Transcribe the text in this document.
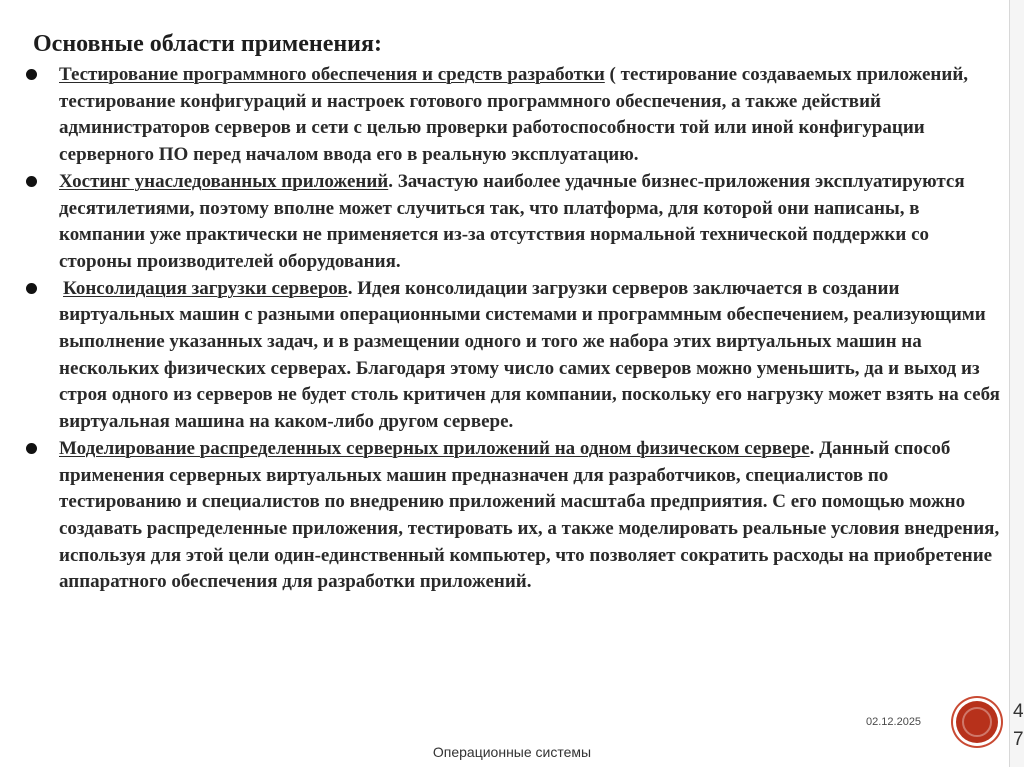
Основные области применения:
Тестирование программного обеспечения и средств разработки ( тестирование создаваемых приложений, тестирование конфигураций и настроек готового программного обеспечения, а также действий администраторов серверов и сети с целью проверки работоспособности той или иной конфигурации серверного ПО перед началом ввода его в реальную эксплуатацию.
Хостинг унаследованных приложений. Зачастую наиболее удачные бизнес-приложения эксплуатируются десятилетиями, поэтому вполне может случиться так, что платформа, для которой они написаны, в компании уже практически не применяется из-за отсутствия нормальной технической поддержки со стороны производителей оборудования.
Консолидация загрузки серверов. Идея консолидации загрузки серверов заключается в создании виртуальных машин с разными операционными системами и программным обеспечением, реализующими выполнение указанных задач, и в размещении одного и того же набора этих виртуальных машин на нескольких физических серверах. Благодаря этому число самих серверов можно уменьшить, да и выход из строя одного из серверов не будет столь критичен для компании, поскольку его нагрузку может взять на себя виртуальная машина на каком-либо другом сервере.
Моделирование распределенных серверных приложений на одном физическом сервере. Данный способ применения серверных виртуальных машин предназначен для разработчиков, специалистов по тестированию и специалистов по внедрению приложений масштаба предприятия. С его помощью можно создавать распределенные приложения, тестировать их, а также моделировать реальные условия внедрения, используя для этой цели один-единственный компьютер, что позволяет сократить расходы на приобретение аппаратного обеспечения для разработки приложений.
02.12.2025	47
Операционные системы
